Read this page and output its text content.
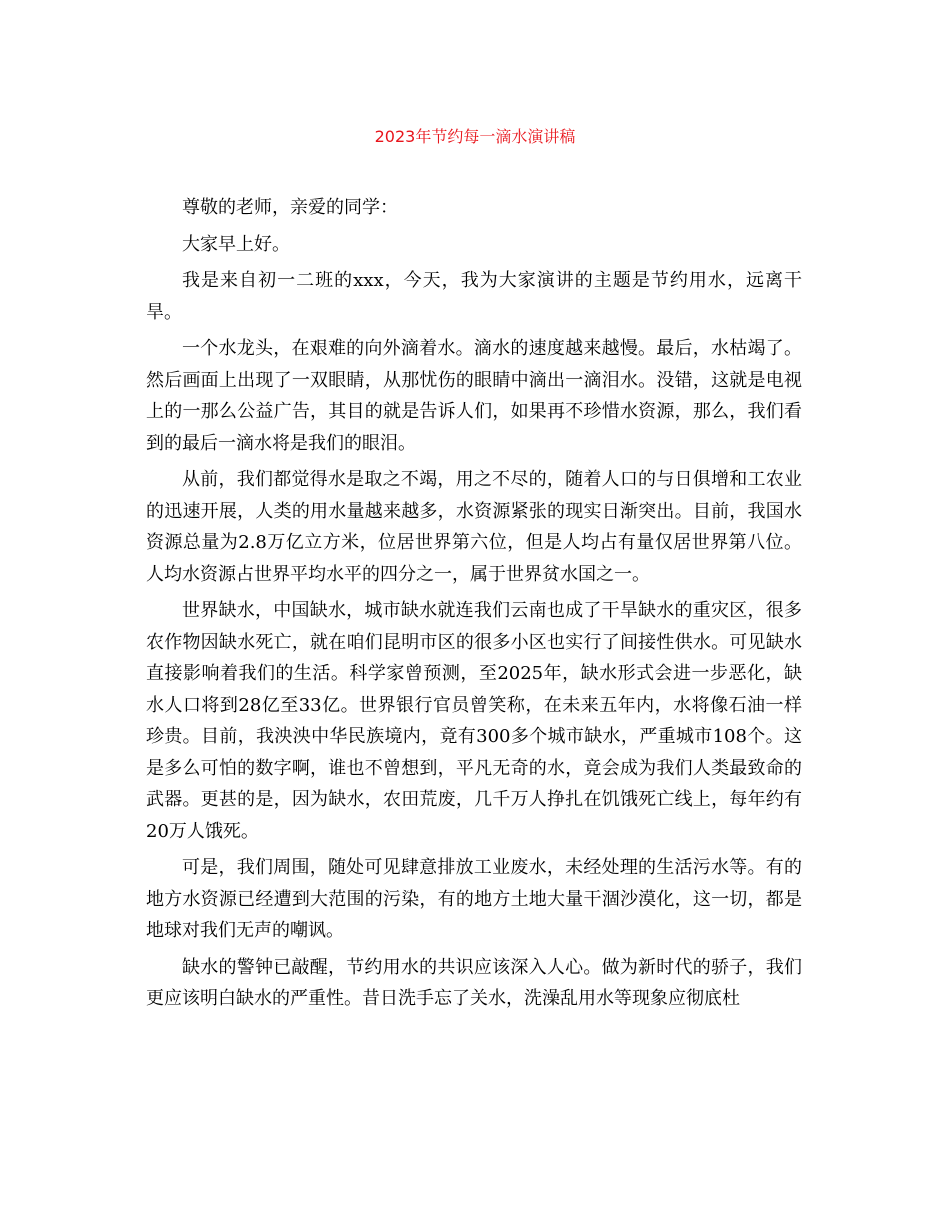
2023年节约每一滴水演讲稿

尊敬的老师，亲爱的同学：

大家早上好。

我是来自初一二班的xxx，今天，我为大家演讲的主题是节约用水，远离干旱。

一个水龙头，在艰难的向外滴着水。滴水的速度越来越慢。最后，水枯竭了。然后画面上出现了一双眼睛，从那忧伤的眼睛中滴出一滴泪水。没错，这就是电视上的一那么公益广告，其目的就是告诉人们，如果再不珍惜水资源，那么，我们看到的最后一滴水将是我们的眼泪。

从前，我们都觉得水是取之不竭，用之不尽的，随着人口的与日俱增和工农业的迅速开展，人类的用水量越来越多，水资源紧张的现实日渐突出。目前，我国水资源总量为2.8万亿立方米，位居世界第六位，但是人均占有量仅居世界第八位。人均水资源占世界平均水平的四分之一，属于世界贫水国之一。

世界缺水，中国缺水，城市缺水就连我们云南也成了干旱缺水的重灾区，很多农作物因缺水死亡，就在咱们昆明市区的很多小区也实行了间接性供水。可见缺水直接影响着我们的生活。科学家曾预测，至2025年，缺水形式会进一步恶化，缺水人口将到28亿至33亿。世界银行官员曾笑称，在未来五年内，水将像石油一样珍贵。目前，我泱泱中华民族境内，竟有300多个城市缺水，严重城市108个。这是多么可怕的数字啊，谁也不曾想到，平凡无奇的水，竟会成为我们人类最致命的武器。更甚的是，因为缺水，农田荒废，几千万人挣扎在饥饿死亡线上，每年约有20万人饿死。

可是，我们周围，随处可见肆意排放工业废水，未经处理的生活污水等。有的地方水资源已经遭到大范围的污染，有的地方土地大量干涸沙漠化，这一切，都是地球对我们无声的嘲讽。

缺水的警钟已敲醒，节约用水的共识应该深入人心。做为新时代的骄子，我们更应该明白缺水的严重性。昔日洗手忘了关水，洗澡乱用水等现象应彻底杜
